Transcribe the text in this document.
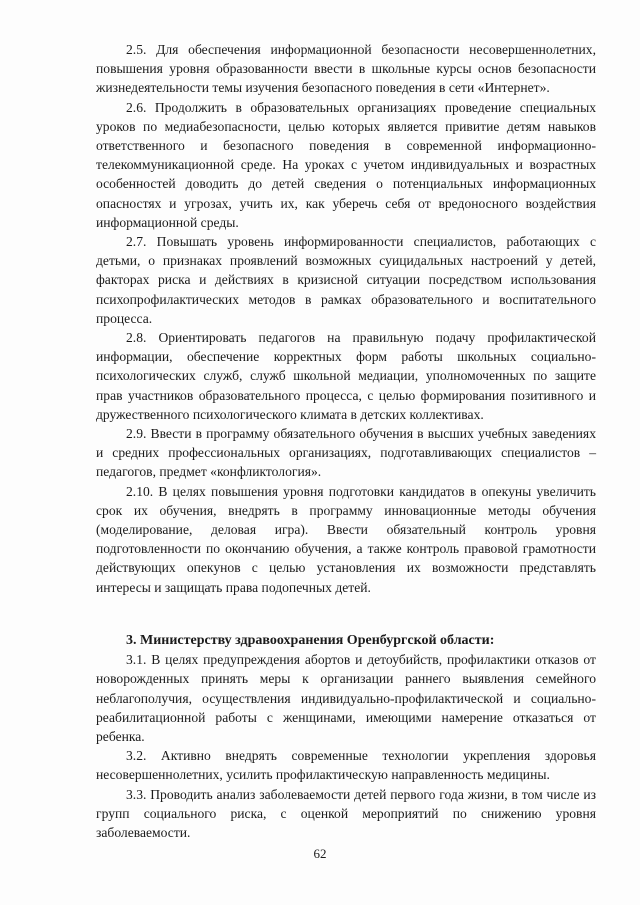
2.5. Для обеспечения информационной безопасности несовершеннолетних, повышения уровня образованности ввести в школьные курсы основ безопасности жизнедеятельности темы изучения безопасного поведения в сети «Интернет».

2.6. Продолжить в образовательных организациях проведение специальных уроков по медиабезопасности, целью которых является привитие детям навыков ответственного и безопасного поведения в современной информационно-телекоммуникационной среде. На уроках с учетом индивидуальных и возрастных особенностей доводить до детей сведения о потенциальных информационных опасностях и угрозах, учить их, как уберечь себя от вредоносного воздействия информационной среды.

2.7. Повышать уровень информированности специалистов, работающих с детьми, о признаках проявлений возможных суицидальных настроений у детей, факторах риска и действиях в кризисной ситуации посредством использования психопрофилактических методов в рамках образовательного и воспитательного процесса.

2.8. Ориентировать педагогов на правильную подачу профилактической информации, обеспечение корректных форм работы школьных социально-психологических служб, служб школьной медиации, уполномоченных по защите прав участников образовательного процесса, с целью формирования позитивного и дружественного психологического климата в детских коллективах.

2.9. Ввести в программу обязательного обучения в высших учебных заведениях и средних профессиональных организациях, подготавливающих специалистов – педагогов, предмет «конфликтология».

2.10. В целях повышения уровня подготовки кандидатов в опекуны увеличить срок их обучения, внедрять в программу инновационные методы обучения (моделирование, деловая игра). Ввести обязательный контроль уровня подготовленности по окончанию обучения, а также контроль правовой грамотности действующих опекунов с целью установления их возможности представлять интересы и защищать права подопечных детей.

3. Министерству здравоохранения Оренбургской области:

3.1. В целях предупреждения абортов и детоубийств, профилактики отказов от новорожденных принять меры к организации раннего выявления семейного неблагополучия, осуществления индивидуально-профилактической и социально-реабилитационной работы с женщинами, имеющими намерение отказаться от ребенка.

3.2. Активно внедрять современные технологии укрепления здоровья несовершеннолетних, усилить профилактическую направленность медицины.

3.3. Проводить анализ заболеваемости детей первого года жизни, в том числе из групп социального риска, с оценкой мероприятий по снижению уровня заболеваемости.

62
